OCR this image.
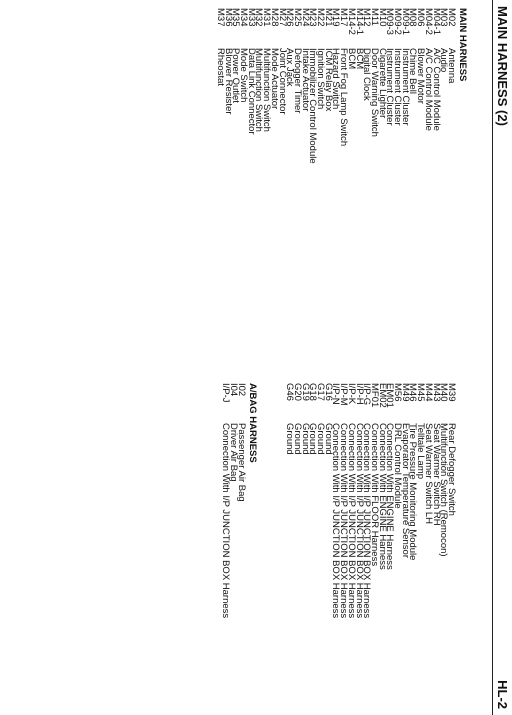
MAIN HARNESS (2)
HL-2
MAIN HARNESS
M02
Antenna
M03
Audio
M04-1
A/C Control Module
M04-2
A/C Control Module
M06
Blower Motor
M08
Chime Bell
M09-1
Instrument Cluster
M09-2
Instrument Cluster
M09-3
Instrument Cluster
M10
Cigarette Lighter
M11
Door Warning Switch
M12
Digital Clock
M14-1
BCM
M14-2
BCM
M17
Front Fog Lamp Switch
M19
Hazard Switch
M21
ICM Relay Box
M22
Ignition Switch
M23
Immobilizer Control Module
M24
Intake Actuator
M25
Defogger Timer
M26
Aux Jack
M27
Joint Connector
M28
Mode Actuator
M31
Multifunction Switch
M32
Multifunction Switch
M33
Data Link Connector
M34
Mode Switch
M35
Power Outlet
M36
Blower Resister
M37
Rheostat

M39
Rear Defogger Switch
M40
Multifunction Switch (Remocon)
M43
Seat Warmer Switch RH
M44
Seat Warmer Switch LH
M45
Telltale Lamp
M46
Tire Pressure Monitoring Module
M49
Evaporator Temperature Sensor
M56
DRL Control Module
EM01
Connection With ENGINE Harness
EM02
Connection With ENGINE Harness
MF01
Connection With FLOOR Harness
I/P-G
Connection With I/P JUNCTION BOX Harness
I/P-H
Connection With I/P JUNCTION BOX Harness
I/P-K
Connection With I/P JUNCTION BOX Harness
I/P-M
Connection With I/P JUNCTION BOX Harness
I/P-N
Connection With I/P JUNCTION BOX Harness
G16
Ground
G17
Ground
G18
Ground
G19
Ground
G20
Ground
G46
Ground
A/BAG HARNESS
I02
Passenger Air Bag
I04
Driver Air Bag
I/P-J
Connection With I/P JUNCTION BOX Harness
